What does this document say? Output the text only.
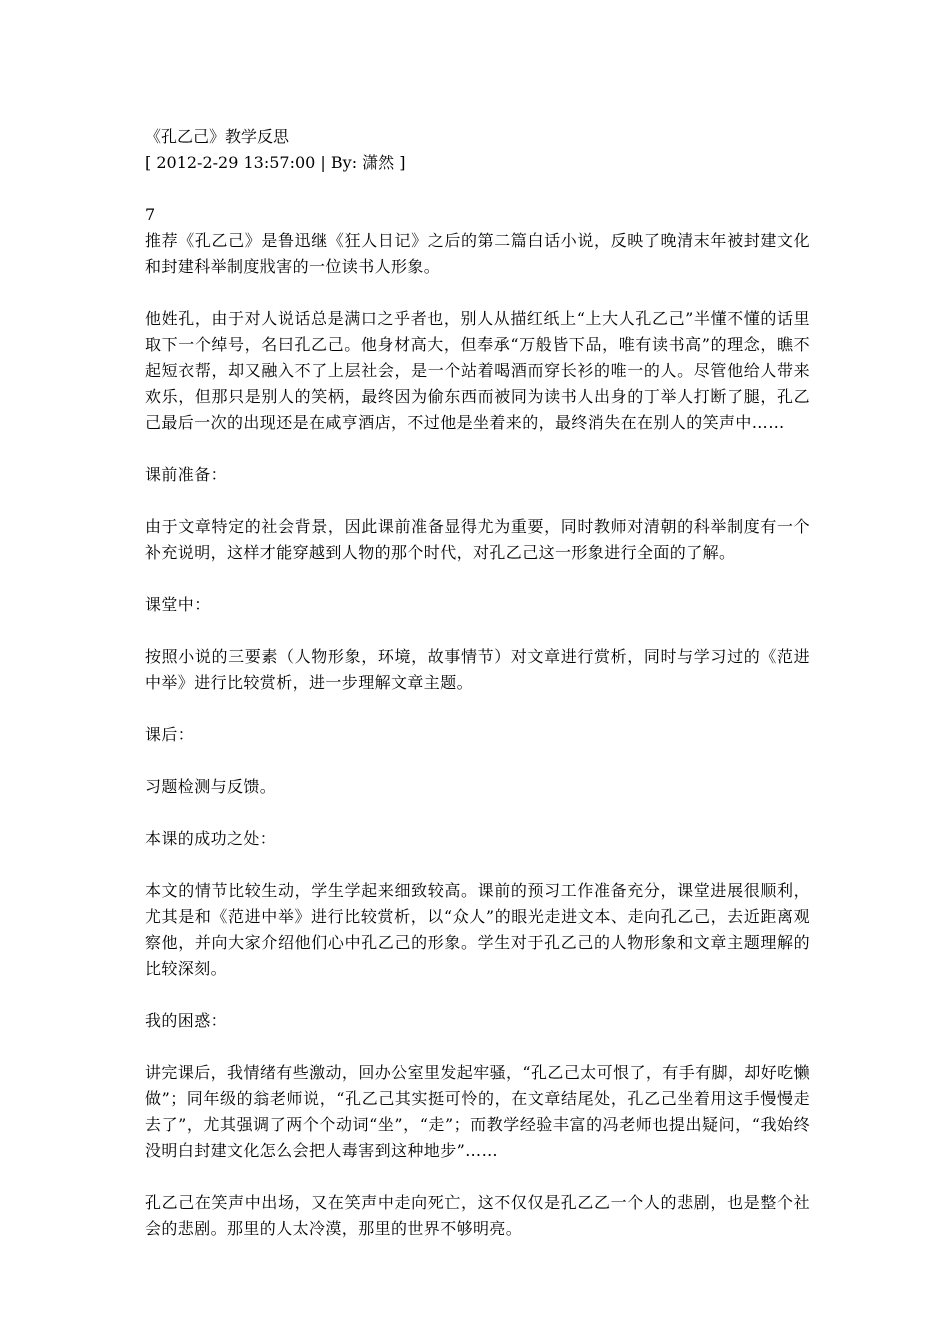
《孔乙己》教学反思

[ 2012-2-29 13:57:00 | By: 潇然 ]

7

推荐《孔乙己》是鲁迅继《狂人日记》之后的第二篇白话小说，反映了晚清末年被封建文化和封建科举制度戕害的一位读书人形象。

他姓孔，由于对人说话总是满口之乎者也，别人从描红纸上“上大人孔乙己”半懂不懂的话里取下一个绰号，名曰孔乙己。他身材高大，但奉承“万般皆下品，唯有读书高”的理念，瞧不起短衣帮，却又融入不了上层社会，是一个站着喝酒而穿长衫的唯一的人。尽管他给人带来欢乐，但那只是别人的笑柄，最终因为偷东西而被同为读书人出身的丁举人打断了腿，孔乙己最后一次的出现还是在咸亨酒店，不过他是坐着来的，最终消失在在别人的笑声中……

课前准备：

由于文章特定的社会背景，因此课前准备显得尤为重要，同时教师对清朝的科举制度有一个补充说明，这样才能穿越到人物的那个时代，对孔乙己这一形象进行全面的了解。

课堂中：

按照小说的三要素（人物形象，环境，故事情节）对文章进行赏析，同时与学习过的《范进中举》进行比较赏析，进一步理解文章主题。

课后：

习题检测与反馈。

本课的成功之处：

本文的情节比较生动，学生学起来细致较高。课前的预习工作准备充分，课堂进展很顺利，尤其是和《范进中举》进行比较赏析，以“众人”的眼光走进文本、走向孔乙己，去近距离观察他，并向大家介绍他们心中孔乙己的形象。学生对于孔乙己的人物形象和文章主题理解的比较深刻。

我的困惑：

讲完课后，我情绪有些激动，回办公室里发起牢骚，“孔乙己太可恨了，有手有脚，却好吃懒做”；同年级的翁老师说，“孔乙己其实挺可怜的，在文章结尾处，孔乙己坐着用这手慢慢走去了”，尤其强调了两个个动词“坐”，“走”；而教学经验丰富的冯老师也提出疑问，“我始终没明白封建文化怎么会把人毒害到这种地步”……

孔乙己在笑声中出场，又在笑声中走向死亡，这不仅仅是孔乙乙一个人的悲剧，也是整个社会的悲剧。那里的人太冷漠，那里的世界不够明亮。
